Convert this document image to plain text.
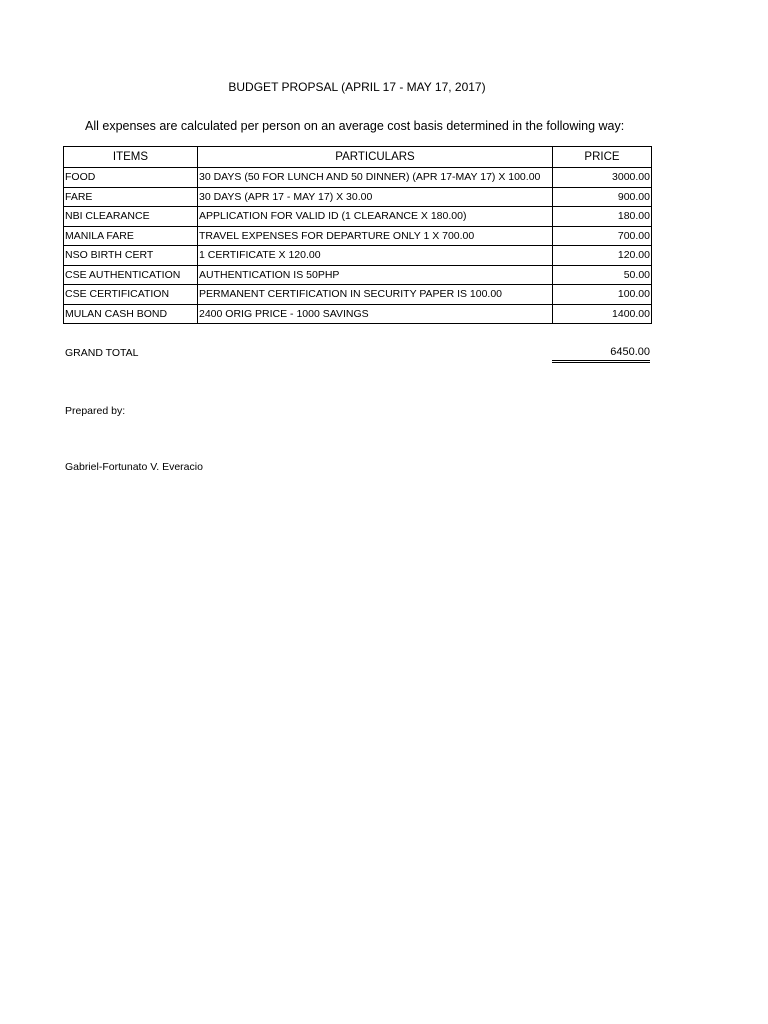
BUDGET PROPSAL (APRIL 17 - MAY 17, 2017)
All expenses are calculated per person on an average cost basis determined in the following way:
ITEMS	PARTICULARS	PRICE
FOOD	30 DAYS (50 FOR LUNCH AND 50 DINNER) (APR 17-MAY 17) X 100.00	3000.00
FARE	30 DAYS (APR 17 - MAY 17) X 30.00	900.00
NBI CLEARANCE	APPLICATION FOR VALID ID (1 CLEARANCE X 180.00)	180.00
MANILA FARE	TRAVEL EXPENSES FOR DEPARTURE ONLY 1 X 700.00	700.00
NSO BIRTH CERT	1 CERTIFICATE X 120.00	120.00
CSE AUTHENTICATION	AUTHENTICATION IS 50PHP	50.00
CSE CERTIFICATION	PERMANENT CERTIFICATION IN SECURITY PAPER IS 100.00	100.00
MULAN CASH BOND	2400 ORIG PRICE - 1000 SAVINGS	1400.00
GRAND TOTAL	6450.00
Prepared by:
Gabriel-Fortunato V. Everacio
